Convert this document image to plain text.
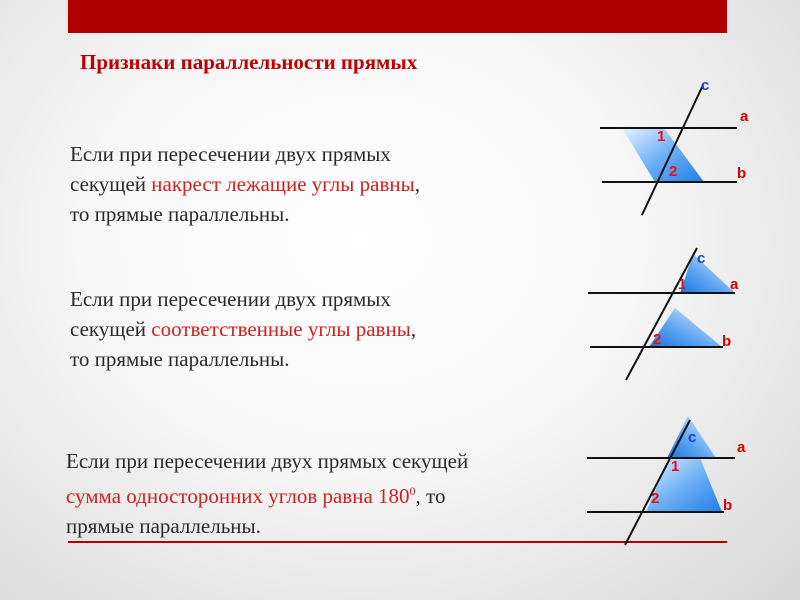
Признаки параллельности прямых
Если при пересечении двух прямых
секущей накрест лежащие углы равны,
то прямые параллельны.
Если при пересечении двух прямых
секущей соответственные углы равны,
то прямые параллельны.
Если при пересечении двух прямых секущей
сумма односторонних углов равна $180^0$, то
прямые параллельны.
c
a
b
1
2
c
a
b
1
2
c
a
b
1
2
